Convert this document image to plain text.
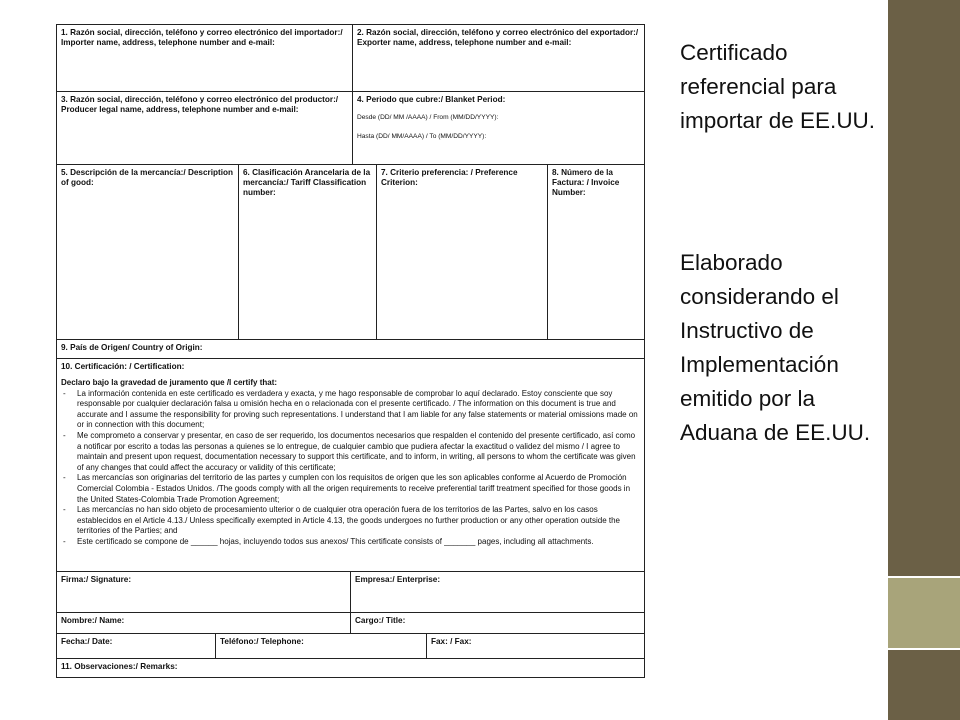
Certificado referencial para importar de EE.UU.
Elaborado considerando el Instructivo de Implementación emitido por la Aduana de EE.UU.
1. Razón social, dirección, teléfono y correo electrónico del importador:/ Importer name, address, telephone number and e-mail:
2. Razón social, dirección, teléfono y correo electrónico del exportador:/ Exporter name, address, telephone number and e-mail:
3. Razón social, dirección, teléfono y correo electrónico del productor:/ Producer legal name, address, telephone number and e-mail:
4. Periodo que cubre:/ Blanket Period:
Desde (DD/ MM /AAAA) / From (MM/DD/YYYY):
Hasta (DD/ MM/AAAA) / To (MM/DD/YYYY):
5. Descripción de la mercancía:/ Description of good:
6. Clasificación Arancelaria de la mercancía:/ Tariff Classification number:
7. Criterio preferencia: / Preference Criterion:
8. Número de la Factura: / Invoice Number:
9. País de Origen/ Country of Origin:
10. Certificación: / Certification:

Declaro bajo la gravedad de juramento que /I certify that:

- La información contenida en este certificado es verdadera y exacta, y me hago responsable de comprobar lo aquí declarado. Estoy consciente que soy responsable por cualquier declaración falsa u omisión hecha en o relacionada con el presente certificado. / The information on this document is true and accurate and I assume the responsibility for proving such representations. I understand that I am liable for any false statements or material omissions made on or in connection with this document;
- Me comprometo a conservar y presentar, en caso de ser requerido, los documentos necesarios que respalden el contenido del presente certificado, así como a notificar por escrito a todas las personas a quienes se lo entregue, de cualquier cambio que pudiera afectar la exactitud o validez del mismo / I agree to maintain and present upon request, documentation necessary to support this certificate, and to inform, in writing, all persons to whom the certificate was given of any changes that could affect the accuracy or validity of this certificate;
- Las mercancías son originarias del territorio de las partes y cumplen con los requisitos de origen que les son aplicables conforme al Acuerdo de Promoción Comercial Colombia - Estados Unidos. /The goods comply with all the origen requirements to receive preferential tariff treatment specified for those goods in the United States-Colombia Trade Promotion Agreement;
- Las mercancías no han sido objeto de procesamiento ulterior o de cualquier otra operación fuera de los territorios de las Partes, salvo en los casos establecidos en el Article 4.13./ Unless specifically exempted in Article 4.13, the goods undergoes no further production or any other operation outside the territories of the Parties; and
- Este certificado se compone de ______ hojas, incluyendo todos sus anexos/ This certificate consists of _______ pages, including all attachments.
Firma:/ Signature:	Empresa:/ Enterprise:
Nombre:/ Name:	Cargo:/ Title:
Fecha:/ Date:	Teléfono:/ Telephone:	Fax: / Fax:
11. Observaciones:/ Remarks:
